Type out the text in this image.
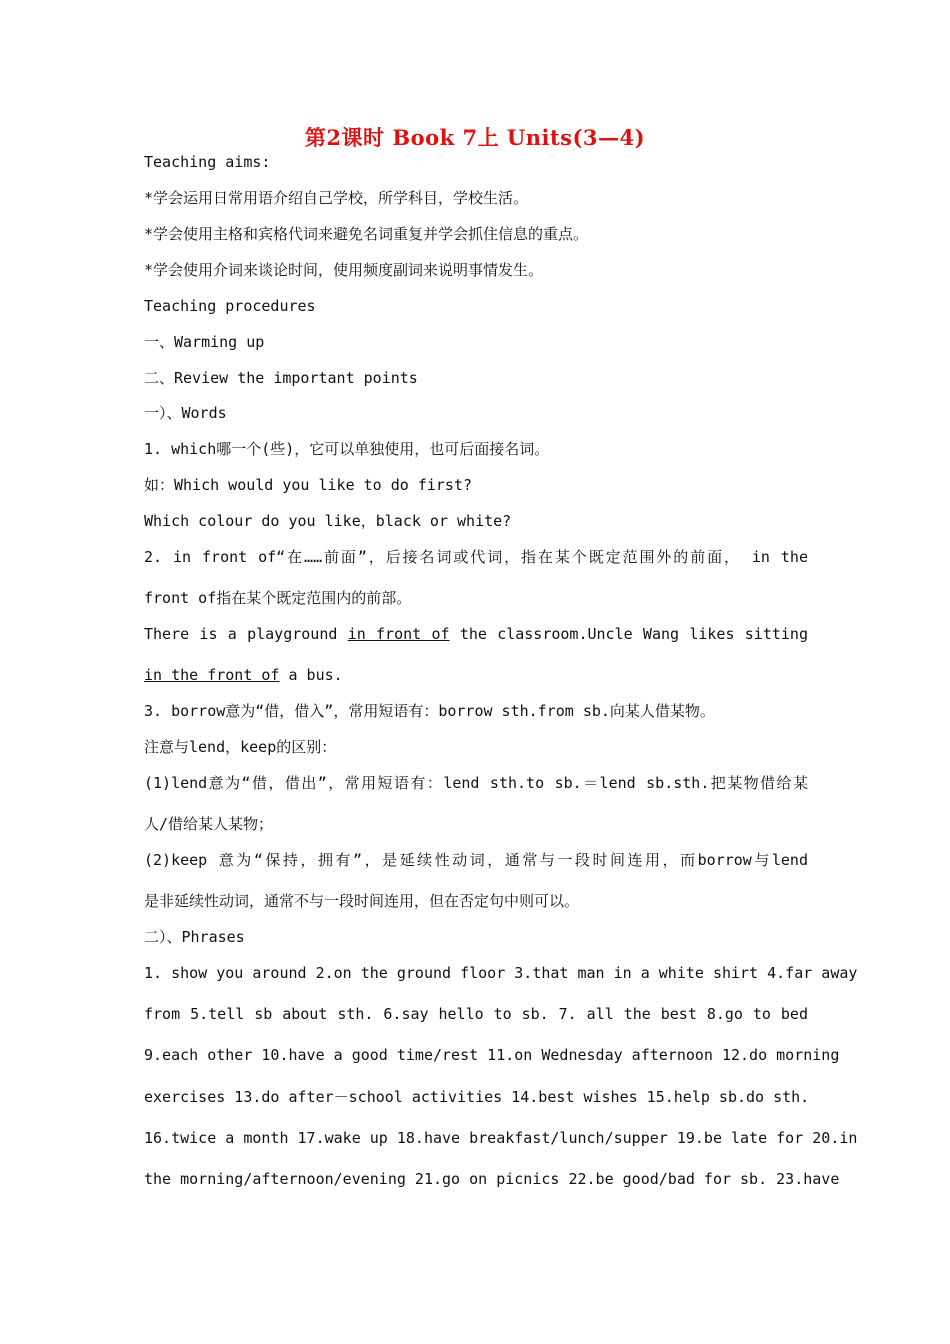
第2课时 Book 7上 Units(3—4)
Teaching aims:
*学会运用日常用语介绍自己学校，所学科目，学校生活。
*学会使用主格和宾格代词来避免名词重复并学会抓住信息的重点。
*学会使用介词来谈论时间，使用频度副词来说明事情发生。
Teaching procedures
一、Warming up
二、Review the important points
一）、Words
1. which哪一个(些)，它可以单独使用，也可后面接名词。
如：Which would you like to do first?
Which colour do you like，black or white?
2. in front of“在……前面”，后接名词或代词，指在某个既定范围外的前面， in the
front of指在某个既定范围内的前部。
There is a playground in front of the classroom.Uncle Wang likes sitting
in the front of a bus.
3. borrow意为“借，借入”，常用短语有：borrow sth.from sb.向某人借某物。
注意与lend，keep的区别：
(1)lend意为“借，借出”，常用短语有：lend sth.to sb.＝lend sb.sth.把某物借给某
人/借给某人某物；
(2)keep 意为“保持，拥有”，是延续性动词，通常与一段时间连用，而borrow与lend
是非延续性动词，通常不与一段时间连用，但在否定句中则可以。
二）、Phrases
1. show you around 2.on the ground floor 3.that man in a white shirt 4.far away
from 5.tell sb about sth. 6.say hello to sb. 7. all the best 8.go to bed
9.each other 10.have a good time/rest 11.on Wednesday afternoon 12.do morning
exercises 13.do after－school activities 14.best wishes 15.help sb.do sth.
16.twice a month 17.wake up 18.have breakfast/lunch/supper 19.be late for 20.in
the morning/afternoon/evening 21.go on picnics 22.be good/bad for sb. 23.have
